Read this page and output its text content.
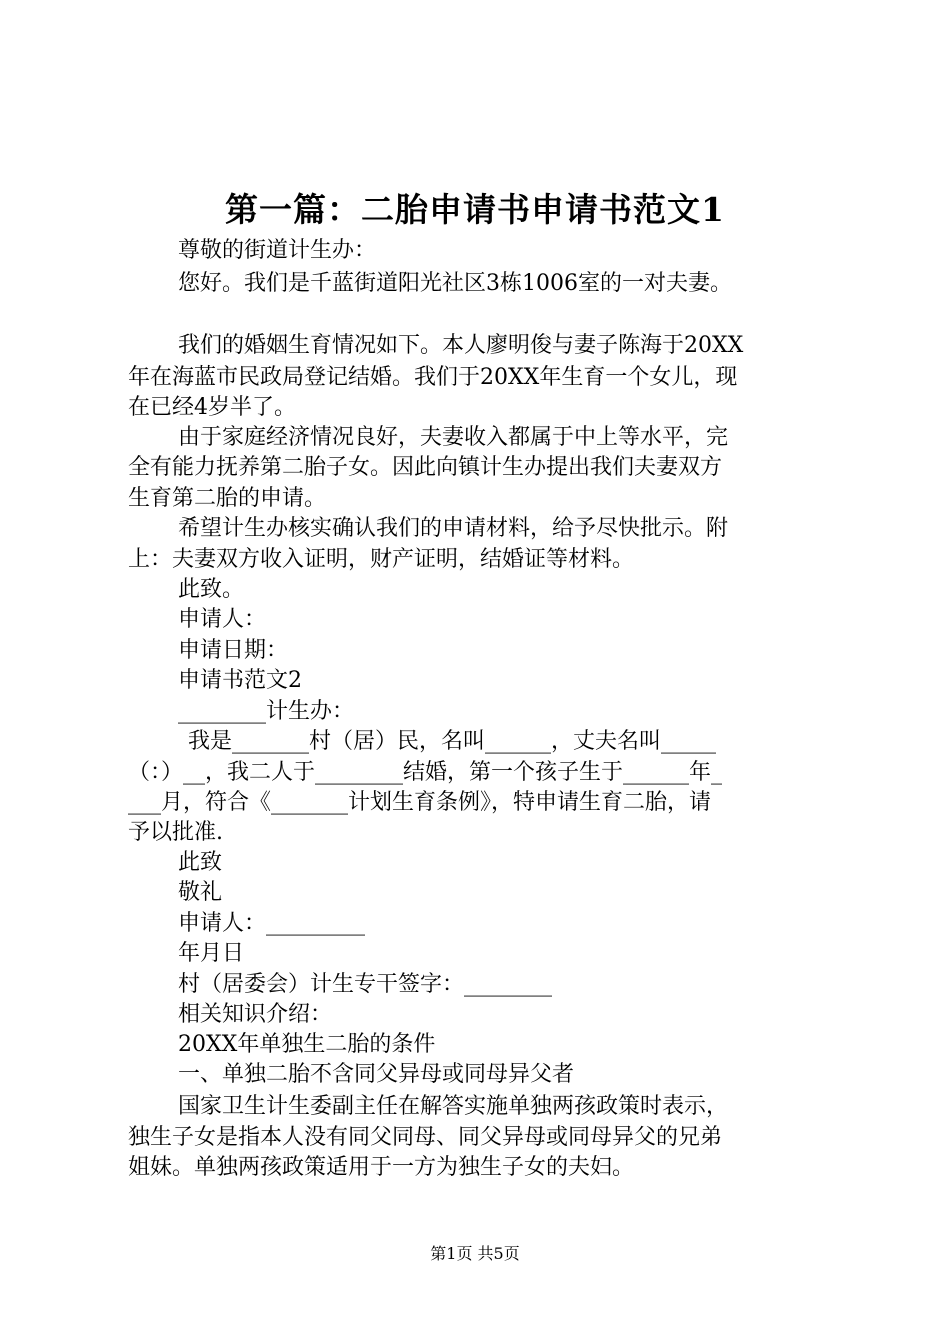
第一篇：二胎申请书申请书范文1
尊敬的街道计生办：
您好。我们是千蓝街道阳光社区3栋1006室的一对夫妻。
我们的婚姻生育情况如下。本人廖明俊与妻子陈海于20XX
年在海蓝市民政局登记结婚。我们于20XX年生育一个女儿，现
在已经4岁半了。
由于家庭经济情况良好，夫妻收入都属于中上等水平，完
全有能力抚养第二胎子女。因此向镇计生办提出我们夫妻双方
生育第二胎的申请。
希望计生办核实确认我们的申请材料，给予尽快批示。附
上：夫妻双方收入证明，财产证明，结婚证等材料。
此致。
申请人：
申请日期：
申请书范文2
________计生办：
我是_______村（居）民，名叫______，丈夫名叫_____
（：）__，我二人于________结婚，第一个孩子生于______年_
___月，符合《_______计划生育条例》，特申请生育二胎，请
予以批准.
此致
敬礼
申请人：_________
年月日
村（居委会）计生专干签字：________
相关知识介绍：
20XX年单独生二胎的条件
一、单独二胎不含同父异母或同母异父者
国家卫生计生委副主任在解答实施单独两孩政策时表示，
独生子女是指本人没有同父同母、同父异母或同母异父的兄弟
姐妹。单独两孩政策适用于一方为独生子女的夫妇。
第1页 共5页
